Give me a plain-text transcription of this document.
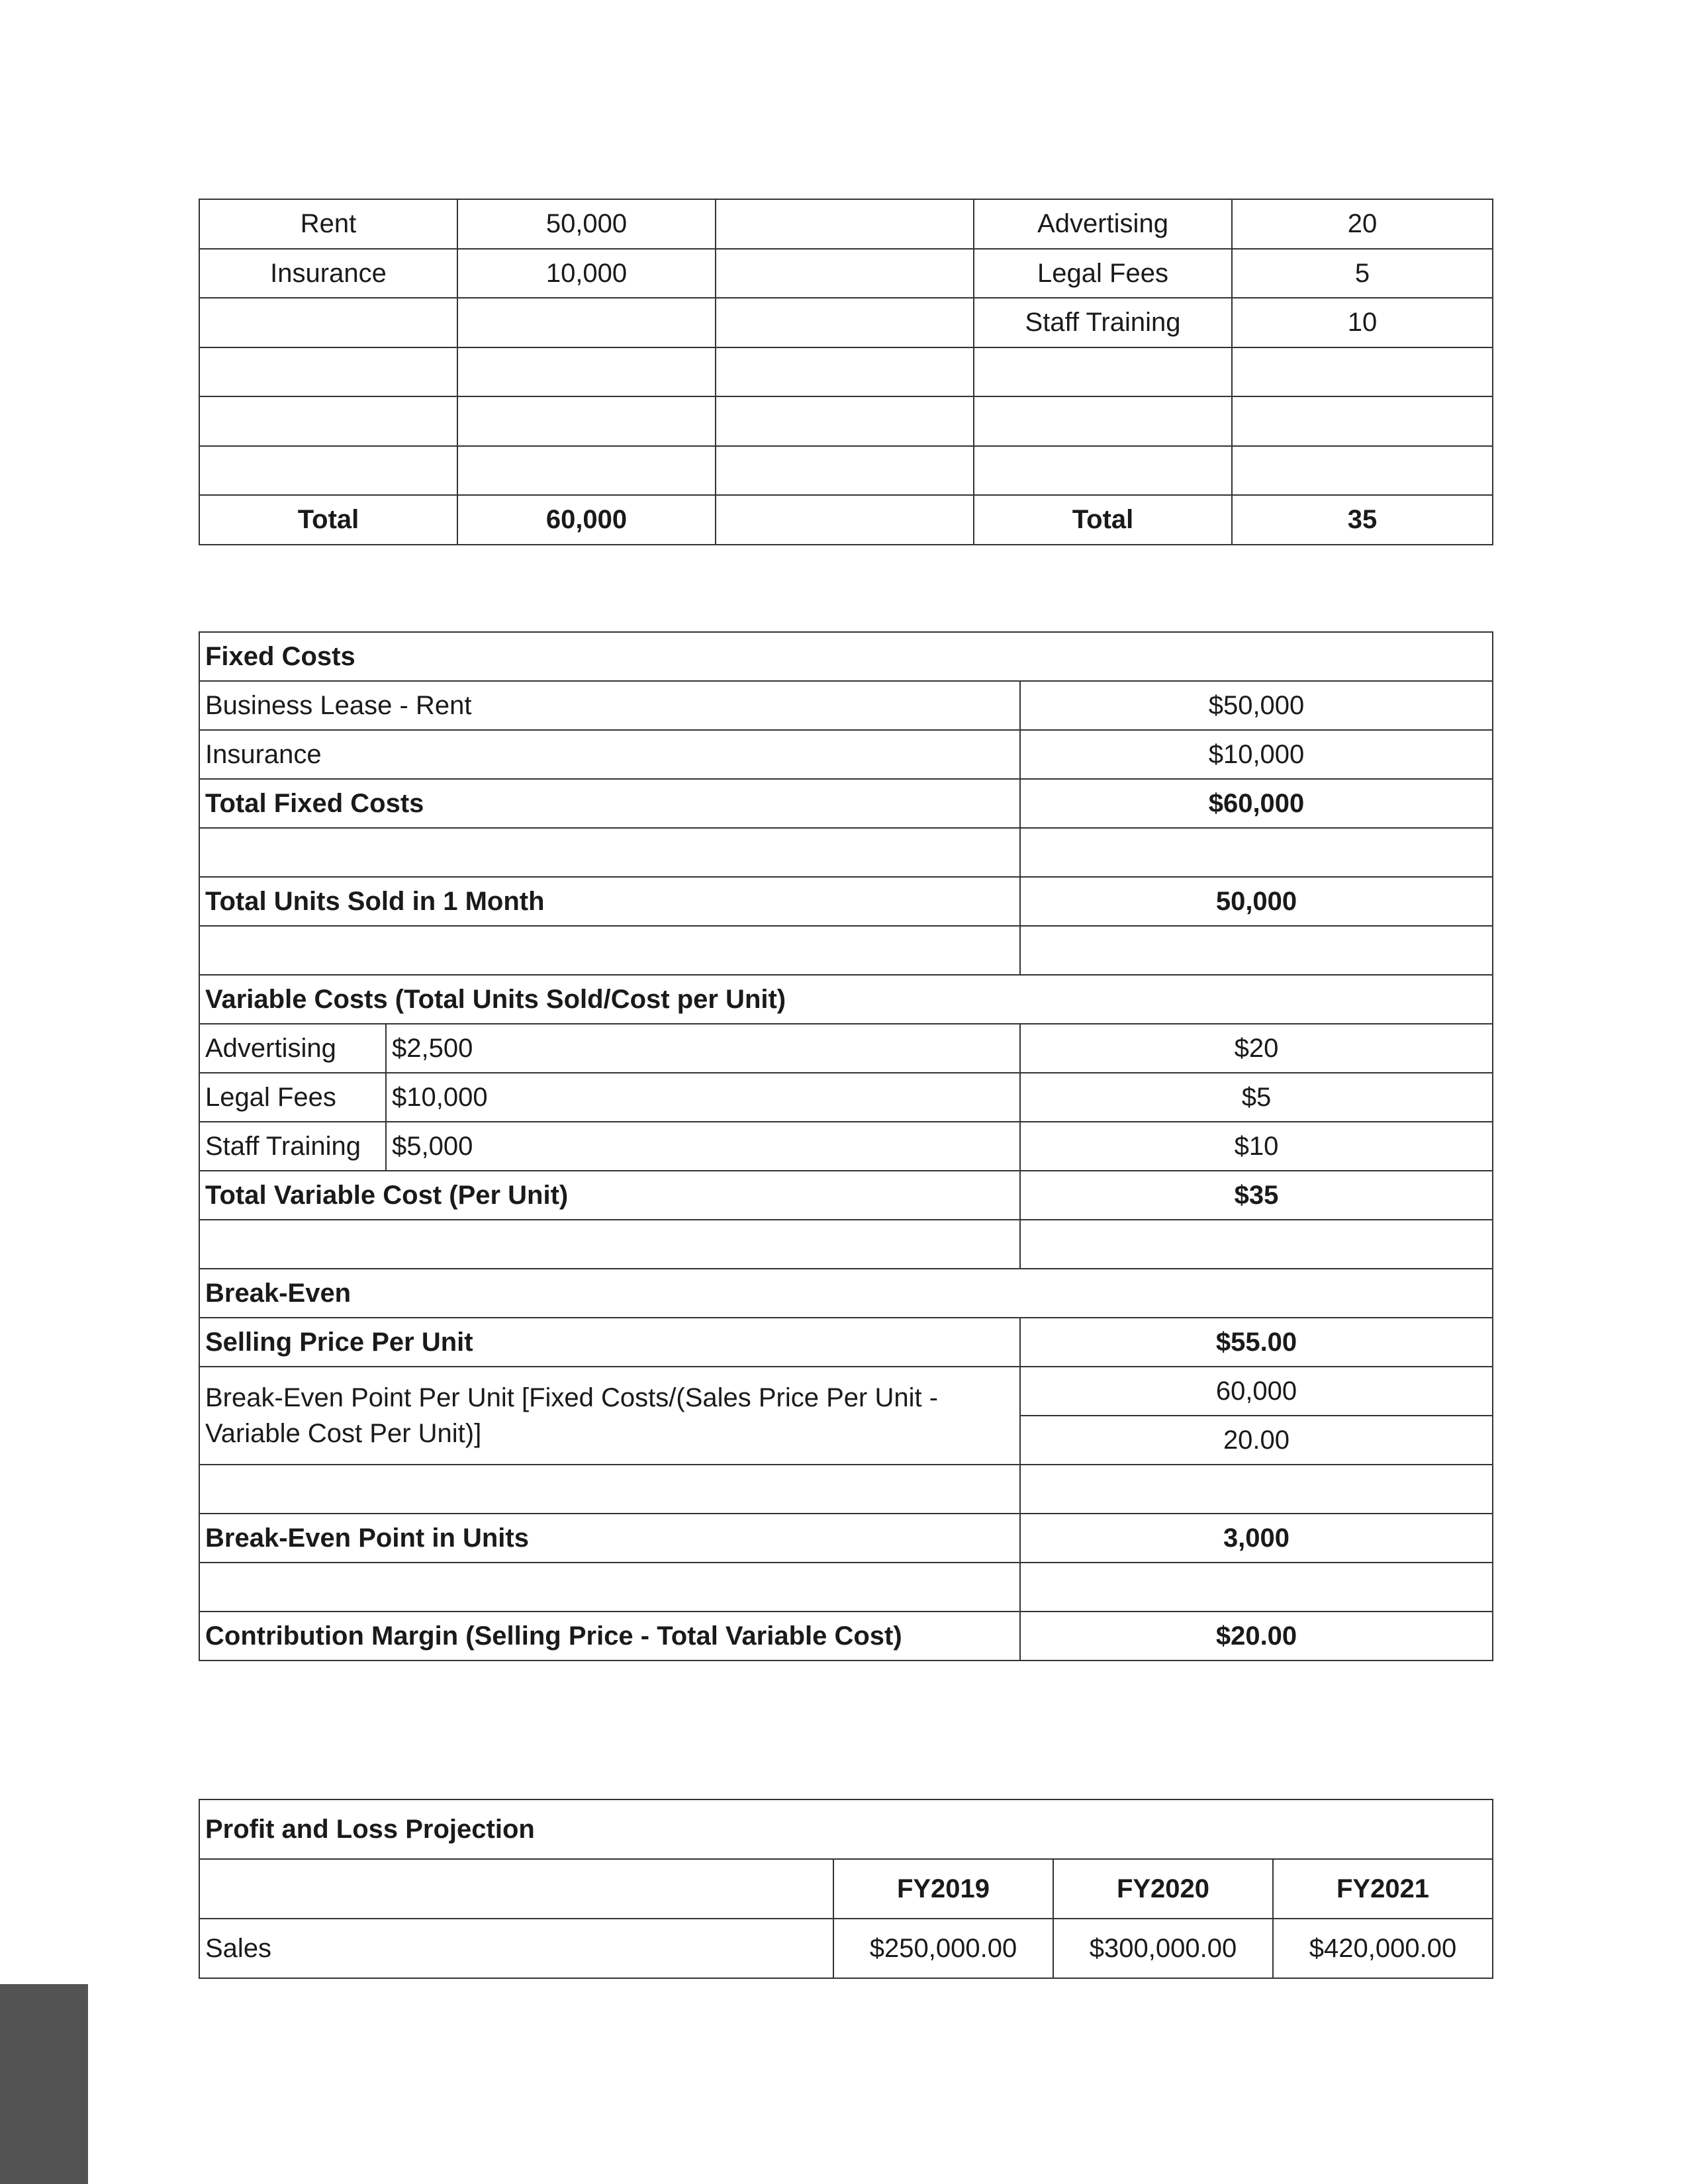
Rent	50,000		Advertising	20
Insurance	10,000		Legal Fees	5
			Staff Training	10

Total	60,000		Total	35
Fixed Costs	
Business Lease - Rent	$50,000
Insurance	$10,000
Total Fixed Costs	$60,000

Total Units Sold in 1 Month	50,000

Variable Costs (Total Units Sold/Cost per Unit)	

Advertising $2,500	$20

Legal Fees $10,000	$5

Staff Training $5,000	$10
Total Variable Cost (Per Unit)	$35

Break-Even	
Selling Price Per Unit	$55.00
Break-Even Point Per Unit [Fixed Costs/(Sales Price Per Unit - Variable Cost Per Unit)]	60,000
	20.00

Break-Even Point in Units	3,000

Contribution Margin (Selling Price - Total Variable Cost)	$20.00
Profit and Loss Projection			
	FY2019	FY2020	FY2021
Sales	$250,000.00	$300,000.00	$420,000.00
